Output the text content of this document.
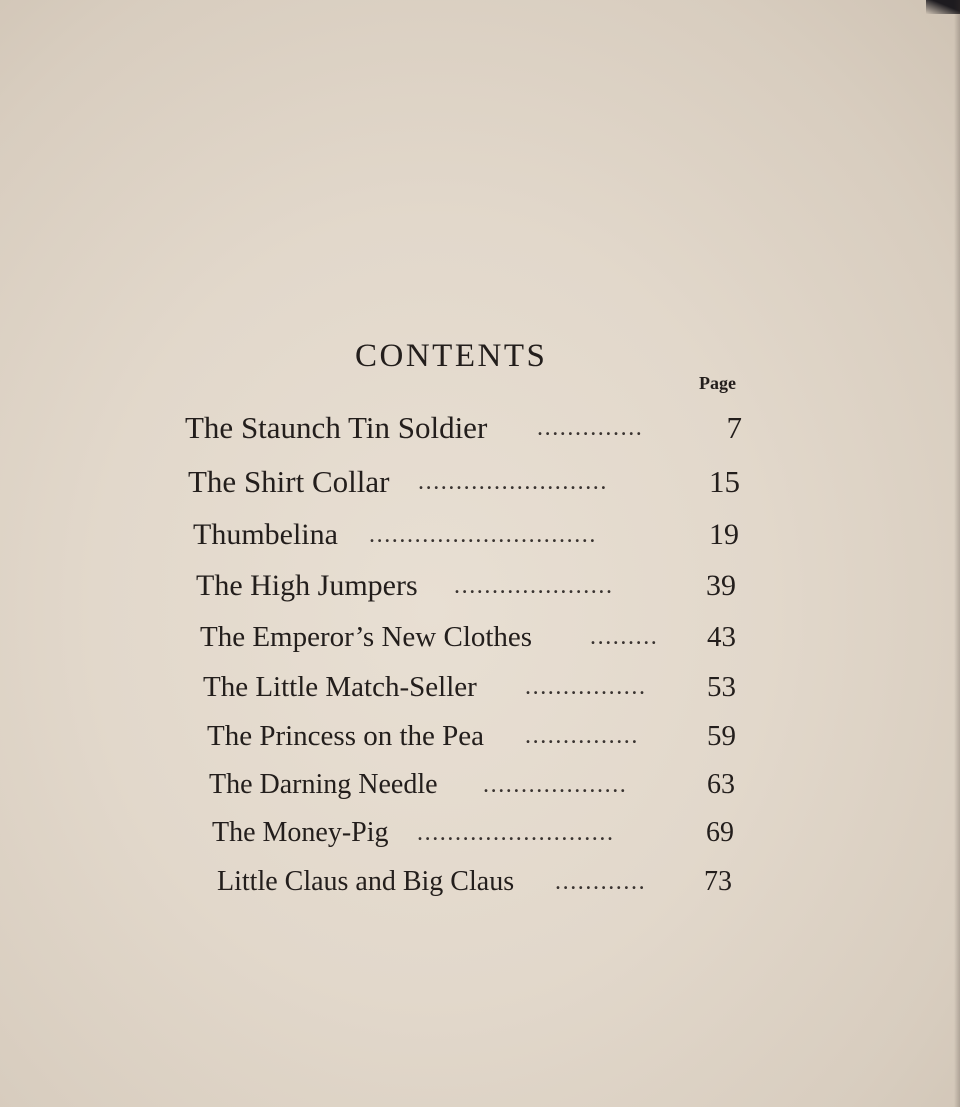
CONTENTS
Page
The Staunch Tin Soldier ..............	7
The Shirt Collar .........................	15
Thumbelina ..............................	19
The High Jumpers .....................	39
The Emperor’s New Clothes .........	43
The Little Match-Seller ................	53
The Princess on the Pea ...............	59
The Darning Needle ...................	63
The Money-Pig ..........................	69
Little Claus and Big Claus ............	73
